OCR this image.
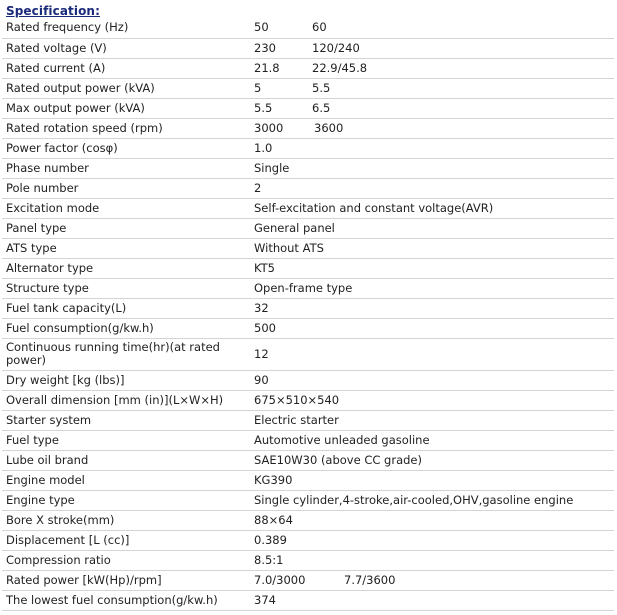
Specification:
Rated frequency (Hz)	50 60
Rated voltage (V)	230 120/240
Rated current (A)	21.8 22.9/45.8
Rated output power (kVA)	5 5.5
Max output power (kVA)	5.5 6.5
Rated rotation speed (rpm)	3000 3600
Power factor (cosφ)	1.0
Phase number	Single
Pole number	2
Excitation mode	Self-excitation and constant voltage(AVR)
Panel type	General panel
ATS type	Without ATS
Alternator type	KT5
Structure type	Open-frame type
Fuel tank capacity(L)	32
Fuel consumption(g/kw.h)	500
Continuous running time(hr)(at rated power)	12
Dry weight [kg (lbs)]	90
Overall dimension [mm (in)](L×W×H)	675×510×540
Starter system	Electric starter
Fuel type	Automotive unleaded gasoline
Lube oil brand	SAE10W30 (above CC grade)
Engine model	KG390
Engine type	Single cylinder,4-stroke,air-cooled,OHV,gasoline engine
Bore X stroke(mm)	88×64
Displacement [L (cc)]	0.389
Compression ratio	8.5:1
Rated power [kW(Hp)/rpm]	7.0/3000 7.7/3600
The lowest fuel consumption(g/kw.h)	374
